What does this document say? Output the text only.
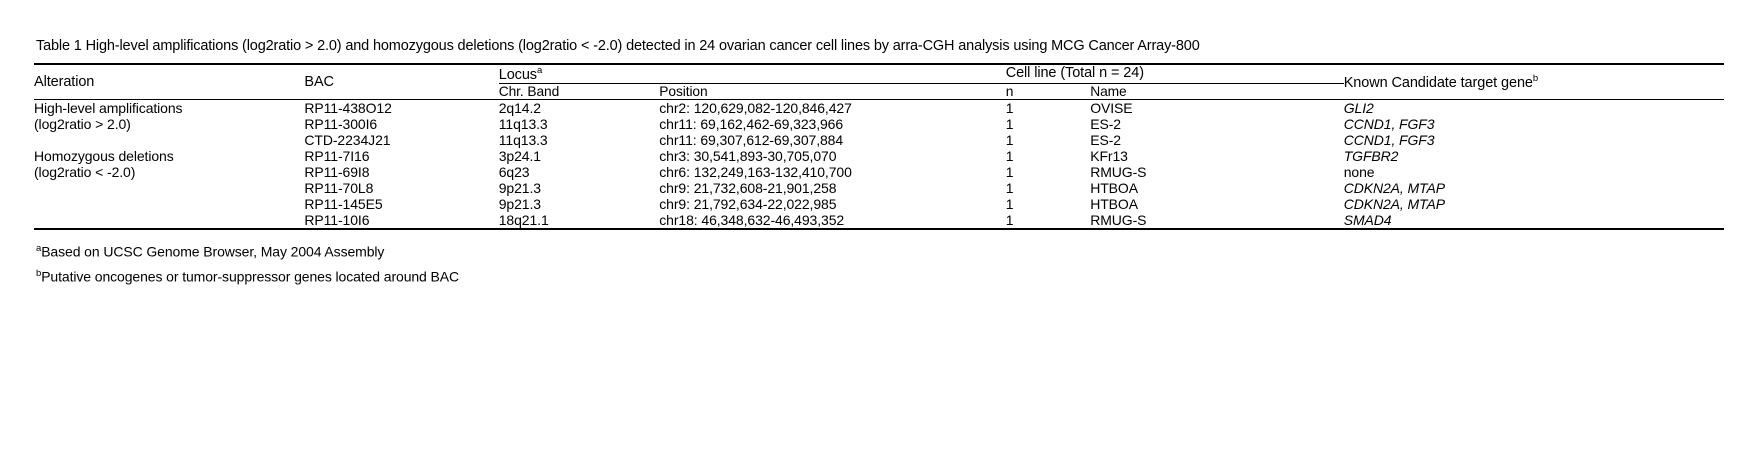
Table 1 High-level amplifications (log2ratio > 2.0) and homozygous deletions (log2ratio < -2.0) detected in 24 ovarian cancer cell lines by arra-CGH analysis using MCG Cancer Array-800
Alteration	BAC	Locus$^a$		Cell line (Total n = 24)		Known Candidate target gene$^b$
		Chr. Band	Position	n	Name	
High-level amplifications	RP11-438O12	2q14.2	chr2: 120,629,082-120,846,427	1	OVISE	GLI2
(log2ratio > 2.0)	RP11-300I6	11q13.3	chr11: 69,162,462-69,323,966	1	ES-2	CCND1, FGF3
	CTD-2234J21	11q13.3	chr11: 69,307,612-69,307,884	1	ES-2	CCND1, FGF3
Homozygous deletions	RP11-7I16	3p24.1	chr3: 30,541,893-30,705,070	1	KFr13	TGFBR2
(log2ratio < -2.0)	RP11-69I8	6q23	chr6: 132,249,163-132,410,700	1	RMUG-S	none
	RP11-70L8	9p21.3	chr9: 21,732,608-21,901,258	1	HTBOA	CDKN2A, MTAP
	RP11-145E5	9p21.3	chr9: 21,792,634-22,022,985	1	HTBOA	CDKN2A, MTAP
	RP11-10I6	18q21.1	chr18: 46,348,632-46,493,352	1	RMUG-S	SMAD4
$^a$Based on UCSC Genome Browser, May 2004 Assembly
$^b$Putative oncogenes or tumor-suppressor genes located around BAC
